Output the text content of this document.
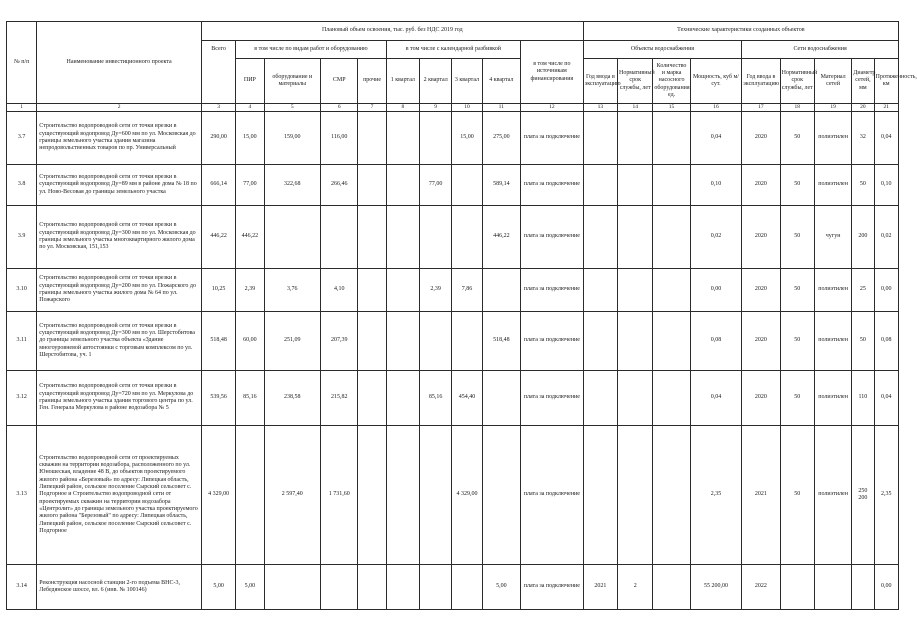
№ п/п	Наименование инвестиционного проекта	Плановый объем освоения, тыс. руб. без НДС 2019 год										Технические характеристики созданных объектов								
		Всего	в том числе по видам работ и оборудованию				в том числе с календарной разбивкой				в том числе по источникам финансирования	Объекты водоснабжения				Сети водоснабжения				
			ПИР	оборудование и материалы	СМР	прочие	1 квартал	2 квартал	3 квартал	4 квартал		Год ввода в эксплуатацию	Нормативный срок службы, лет	Количество и марка насосного оборудования, ед.	Мощность, куб м/ сут.	Год ввода в эксплуатацию	Нормативный срок службы, лет	Материал сетей	Диаметр сетей, мм	Протяженность, км
1	2	3	4	5	6	7	8	9	10	11	12	13	14	15	16	17	18	19	20	21
3.7	Строительство водопроводной сети от точки врезки в существующий водопровод Ду=600 мм по ул. Московская до границы земельного участка здания магазина непродовольственных товаров по пр. Универсальный	290,00	15,00	159,00	116,00				15,00	275,00	плата за подключение				0,04	2020	50	полиэтилен	32	0,04
3.8	Строительство водопроводной сети от точки врезки в существующий водопровод Ду=89 мм в районе дома № 18 по ул. Ново-Весовая до границы земельного участка	666,14	77,00	322,68	266,46			77,00		589,14	плата за подключение				0,10	2020	50	полиэтилен	50	0,10
3.9	Строительство водопроводной сети от точки врезки в существующий водопровод Ду=300 мм по ул. Московская до границы земельного участка многоквартирного жилого дома по ул. Московская, 151,153	446,22	446,22							446,22	плата за подключение				0,02	2020	50	чугун	200	0,02
3.10	Строительство водопроводной сети от точки врезки в существующий водопровод Ду=200 мм по ул. Пожарского до границы земельного участка жилого дома № 64 по ул. Пожарского	10,25	2,39	3,76	4,10			2,39	7,86		плата за подключение				0,00	2020	50	полиэтилен	25	0,00
3.11	Строительство водопроводной сети от точки врезки в существующий водопровод Ду=300 мм по ул. Шерстобитова до границы земельного участка объекта «Здание многоуровневой автостоянки с торговым комплексом по ул. Шерстобитова, уч. 1	518,48	60,00	251,09	207,39					518,48	плата за подключение				0,08	2020	50	полиэтилен	50	0,08
3.12	Строительство водопроводной сети от точки врезки в существующий водопровод Ду=720 мм по ул. Меркулова до границы земельного участка здания торгового центра по ул. Ген. Генерала Меркулова в районе водозабора № 5	539,56	85,16	238,58	215,82			85,16	454,40		плата за подключение				0,04	2020	50	полиэтилен	110	0,04
3.13	Строительство водопроводной сети от проектируемых скважин на территории водозабора, расположенного по ул. Юношеская, владение 48 В, до объектов проектируемого жилого района «Березовый» по адресу: Липецкая область, Липецкий район, сельское поселение Сырский сельсовет с. Подгорное и Строительство водопроводной сети от проектируемых скважин на территории водозабора «Центролит» до границы земельного участка проектируемого жилого района "Березовый" по адресу: Липецкая область, Липецкий район, сельское поселение Сырский сельсовет с. Подгорное	4 329,00		2 597,40	1 731,60				4 329,00		плата за подключение				2,35	2021	50	полиэтилен	250 200	2,35
3.14	Реконструкция насосной станции 2-го подъема ВНС-3, Лебедянское шоссе, вл. 6 (инв. № 100146)	5,00	5,00							5,00	плата за подключение	2021	2		55 200,00	2022				0,00
